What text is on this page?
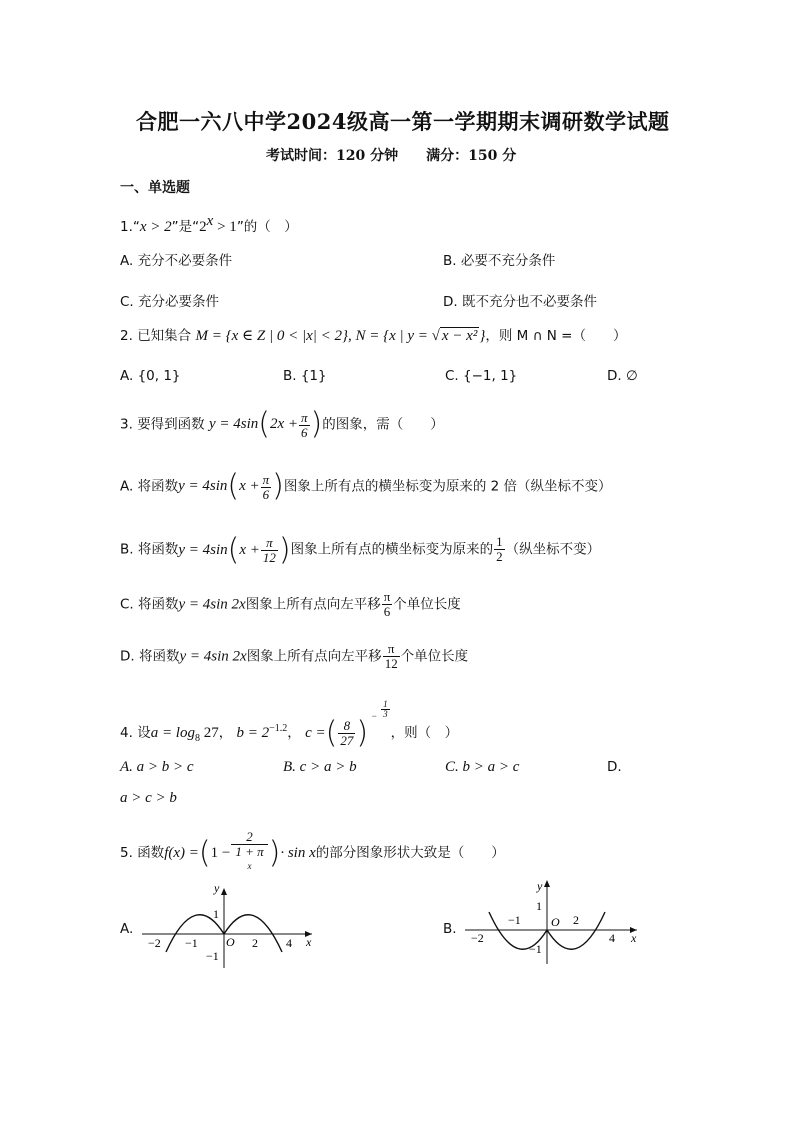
合肥一六八中学2024级高一第一学期期末调研数学试题
考试时间：120 分钟　　满分：150 分
一、单选题
1.“x > 2”是“$2^x > 1$”的（　）
A. 充分不必要条件	B. 必要不充分条件
C. 充分必要条件	D. 既不充分也不必要条件
2. 已知集合 M = {x ∈ Z | 0 < |x| < 2}, N = {x | y = √ x − x² }，则 M ∩ N =（　　）
A. {0, 1}	B. {1}	C. {−1, 1}	D. ∅
3. 要得到函数 $y = 4\sin(2x + \frac{\pi}{6}$ )的图象，需（　　）
A. 将函数$y = 4\sin(x + \frac{\pi}{6}$ )图象上所有点的横坐标变为原来的 2 倍（纵坐标不变）
B. 将函数$y = 4\sin(x + \frac{\pi}{12}$ )图象上所有点的横坐标变为原来的 $\frac{1}{2}$ （纵坐标不变）
C. 将函数y = 4sin 2x图象上所有点向左平移 $\frac{\pi}{6}$ 个单位长度
D. 将函数y = 4sin 2x图象上所有点向左平移 $\frac{\pi}{12}$ 个单位长度
4. 设$a = \log_8 27$， $b = 2^{-1.2}$， c =( $\frac{8}{27}$ ) − $\frac{1}{3}$
，则（　）
A. a > b > c	B. c > a > b	C. b > a > c	D.
a > c > b
5. 函数f(x) =(1 − 2
1 + π
$^x$ )· sin x的部分图象形状大致是（　　）
A.
y
x
O
−2 −1	2 4
1
−1
B.
y
x
O
−2
−1	2
4
1
−1
